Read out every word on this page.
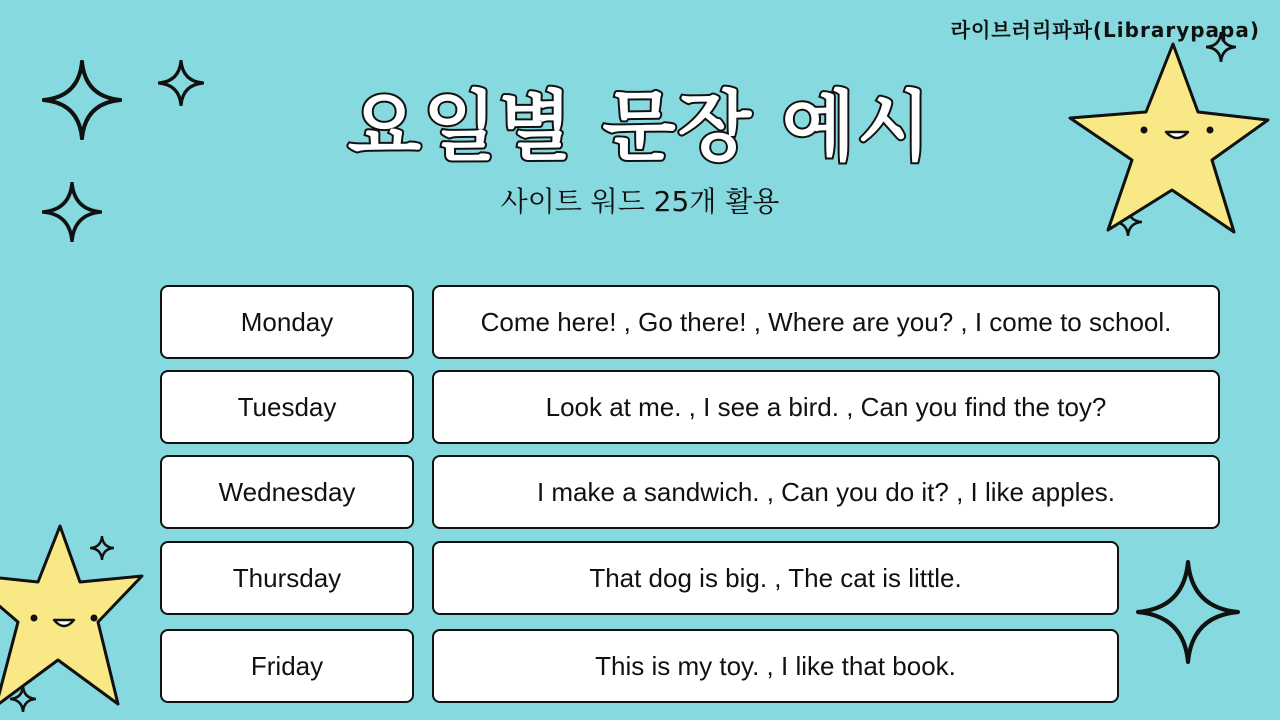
라이브러리파파(Librarypapa)
요일별 문장 예시
사이트 워드 25개 활용
Monday	Come here! , Go there! , Where are you? , I come to school.
Tuesday	Look at me. , I see a bird. , Can you find the toy?
Wednesday	I make a sandwich. , Can you do it? , I like apples.
Thursday	That dog is big. , The cat is little.
Friday	This is my toy. , I like that book.
